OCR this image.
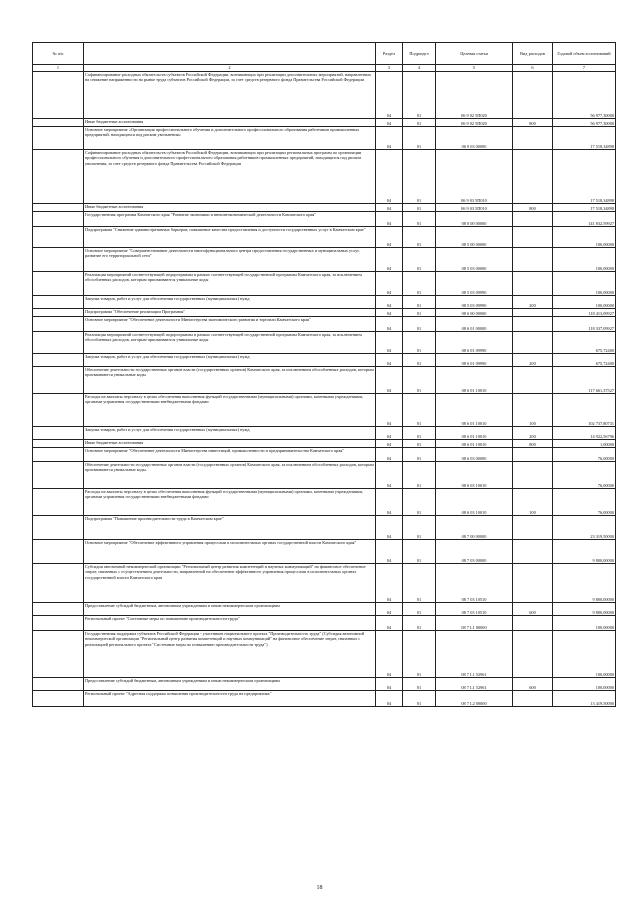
№ п/п		Раздел	Подраздел	Целевая статья	Вид расходов	Годовой объем ассигнований
1	2	3	4	5	6	7
	Софинансирование расходных обязательств субъектов Российской Федерации, возникающих при реализации дополнительных мероприятий, направленных на снижение напряженности на рынке труда субъектов Российской Федерации, за счет средств резервного фонда Правительства Российской Федерации	04	01	06 9 02 5П020		56 977,30000
	Иные бюджетные ассигнования	04	01	06 9 02 5П020	800	56 977,30000
	Основное мероприятие «Организация профессионального обучения и дополнительного профессионального образования работников промышленных предприятий, находящихся под риском увольнения»	04	01	06 9 03 00000		17 518,34898
	Софинансирование расходных обязательств субъектов Российской Федерации, возникающих при реализации региональных программ по организации профессионального обучения и дополнительного профессионального образования работников промышленных предприятий, находящихся под риском увольнения, за счет средств резервного фонда Правительства Российской Федерации	04	01	06 9 03 5П010		17 518,34898
	Иные бюджетные ассигнования	04	01	06 9 03 5П010	800	17 518,34898
	Государственная программа Камчатского края "Развитие экономики и внешнеэкономической деятельности Камчатского края"	04	01	08 0 00 00000		141 832,59927
	Подпрограмма "Снижение административных барьеров, повышение качества предоставления и доступности государственных услуг в Камчатском крае"	04	01	08 5 00 00000		100,00000
	Основное мероприятие "Совершенствование деятельности многофункционального центра предоставления государственных и муниципальных услуг, развитие его территориальной сети"	04	01	08 5 03 00000		100,00000
	Реализация мероприятий соответствующей подпрограммы в рамках соответствующей государственной программы Камчатского края, за исключением обособленных расходов, которым присваиваются уникальные коды	04	01	08 5 03 09990		100,00000
	Закупка товаров, работ и услуг для обеспечения государственных (муниципальных) нужд	04	01	08 5 03 09990	200	100,00000
	Подпрограмма "Обеспечение реализации Программы"	04	01	08 6 00 00000		118 413,09927
	Основное мероприятие "Обеспечение деятельности Министерства экономического развития и торговли Камчатского края"	04	01	08 6 01 00000		118 337,09927
	Реализация мероприятий соответствующей подпрограммы в рамках соответствующей государственной программы Камчатского края, за исключением обособленных расходов, которым присваиваются уникальные коды	04	01	08 6 01 09990		675,72400
	Закупка товаров, работ и услуг для обеспечения государственных (муниципальных) нужд	04	01	08 6 01 09990	200	675,72400
	Обеспечение деятельности государственных органов власти (государственных органов) Камчатского края, за исключением обособленных расходов, которым присваиваются уникальные коды	04	01	08 6 01 10010		117 661,37527
	Расходы на выплаты персоналу в целях обеспечения выполнения функций государственными (муниципальными) органами, казенными учреждениями, органами управления государственными внебюджетными фондами	04	01	08 6 01 10010	100	102 737,80731
	Закупка товаров, работ и услуг для обеспечения государственных (муниципальных) нужд	04	01	08 6 01 10010	200	14 922,56796
	Иные бюджетные ассигнования	04	01	08 6 01 10010	800	1,00000
	Основное мероприятие "Обеспечение деятельности Министерства инвестиций, промышленности и предпринимательства Камчатского края"	04	01	08 6 03 00000		76,00000
	Обеспечение деятельности государственных органов власти (государственных органов) Камчатского края, за исключением обособленных расходов, которым присваиваются уникальные коды.	04	01	08 6 03 10010		76,00000
	Расходы на выплаты персоналу в целях обеспечения выполнения функций государственными (муниципальными) органами, казенными учреждениями, органами управления государственными внебюджетными фондами	04	01	08 6 03 10010	100	76,00000
	Подпрограмма "Повышение производительности труда в Камчатском крае"	04	01	08 7 00 00000		23 319,50000
	Основное мероприятие "Обеспечение эффективного управления процессами в исполнительных органах государственной власти Камчатского края"	04	01	08 7 03 00000		9 800,00000
	Субсидия автономной некоммерческой организации "Региональный центр развития компетенций и научных коммуникаций" на финансовое обеспечение затрат, связанных с осуществлением деятельности, направленной на обеспечение эффективного управления процессами в исполнительных органах государственной власти Камчатского края	04	01	08 7 03 10510		9 800,00000
	Предоставление субсидий бюджетным, автономным учреждениям и иным некоммерческим организациям	04	01	08 7 03 10510	600	9 800,00000
	Региональный проект "Системные меры по повышению производительности труда"	04	01	08 7 L1 00000		100,00000
	Государственная поддержка субъектов Российской Федерации - участников национального проекта "Производительность труда" (Субсидия автономной некоммерческой организации "Региональный центр развития компетенций и научных коммуникаций" на финансовое обеспечение затрат, связанных с реализацией регионального проекта "Системные меры по повышению производительности труда")	04	01	08 7 L1 52961		100,00000
	Предоставление субсидий бюджетным, автономным учреждениям и иным некоммерческим организациям	04	01	08 7 L1 52961	600	100,00000
	Региональный проект "Адресная поддержка повышения производительности труда на предприятиях"	04	01	08 7 L2 00000		13 419,50000
18
